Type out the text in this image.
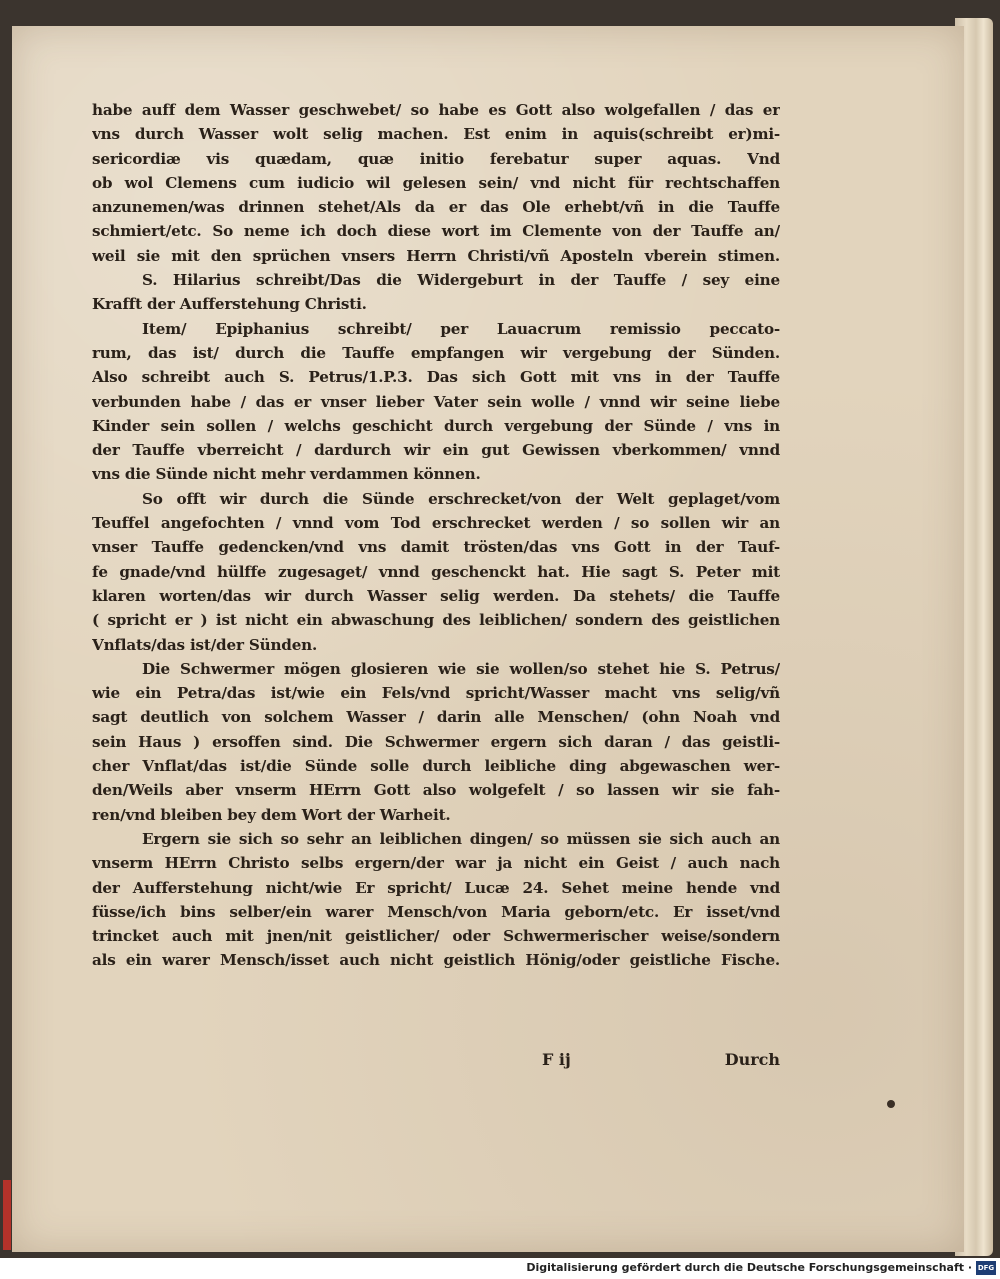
habe auff dem Wasser geschwebet/ so habe es Gott also wolgefallen / das er
vns durch Wasser wolt selig machen. Est enim in aquis(schreibt er)mi-
sericordiæ vis quædam, quæ initio ferebatur super aquas. Vnd
ob wol Clemens cum iudicio wil gelesen sein/ vnd nicht für rechtschaffen
anzunemen/was drinnen stehet/Als da er das Ole erhebt/vñ in die Tauffe
schmiert/etc. So neme ich doch diese wort im Clemente von der Tauffe an/
weil sie mit den sprüchen vnsers Herrn Christi/vñ Aposteln vberein stimen.
S. Hilarius schreibt/Das die Widergeburt in der Tauffe / sey eine
Krafft der Aufferstehung Christi.
Item/ Epiphanius schreibt/ per Lauacrum remissio peccato-
rum, das ist/ durch die Tauffe empfangen wir vergebung der Sünden.
Also schreibt auch S. Petrus/1.P.3. Das sich Gott mit vns in der Tauffe
verbunden habe / das er vnser lieber Vater sein wolle / vnnd wir seine liebe
Kinder sein sollen / welchs geschicht durch vergebung der Sünde / vns in
der Tauffe vberreicht / dardurch wir ein gut Gewissen vberkommen/ vnnd
vns die Sünde nicht mehr verdammen können.
So offt wir durch die Sünde erschrecket/von der Welt geplaget/vom
Teuffel angefochten / vnnd vom Tod erschrecket werden / so sollen wir an
vnser Tauffe gedencken/vnd vns damit trösten/das vns Gott in der Tauf-
fe gnade/vnd hülffe zugesaget/ vnnd geschenckt hat. Hie sagt S. Peter mit
klaren worten/das wir durch Wasser selig werden. Da stehets/ die Tauffe
( spricht er ) ist nicht ein abwaschung des leiblichen/ sondern des geistlichen
Vnflats/das ist/der Sünden.
Die Schwermer mögen glosieren wie sie wollen/so stehet hie S. Petrus/
wie ein Petra/das ist/wie ein Fels/vnd spricht/Wasser macht vns selig/vñ
sagt deutlich von solchem Wasser / darin alle Menschen/ (ohn Noah vnd
sein Haus ) ersoffen sind. Die Schwermer ergern sich daran / das geistli-
cher Vnflat/das ist/die Sünde solle durch leibliche ding abgewaschen wer-
den/Weils aber vnserm HErrn Gott also wolgefelt / so lassen wir sie fah-
ren/vnd bleiben bey dem Wort der Warheit.
Ergern sie sich so sehr an leiblichen dingen/ so müssen sie sich auch an
vnserm HErrn Christo selbs ergern/der war ja nicht ein Geist / auch nach
der Aufferstehung nicht/wie Er spricht/ Lucæ 24. Sehet meine hende vnd
füsse/ich bins selber/ein warer Mensch/von Maria geborn/etc. Er isset/vnd
trincket auch mit jnen/nit geistlicher/ oder Schwermerischer weise/sondern
als ein warer Mensch/isset auch nicht geistlich Hönig/oder geistliche Fische.
F ij	Durch
Digitalisierung gefördert durch die Deutsche Forschungsgemeinschaft · DFG
